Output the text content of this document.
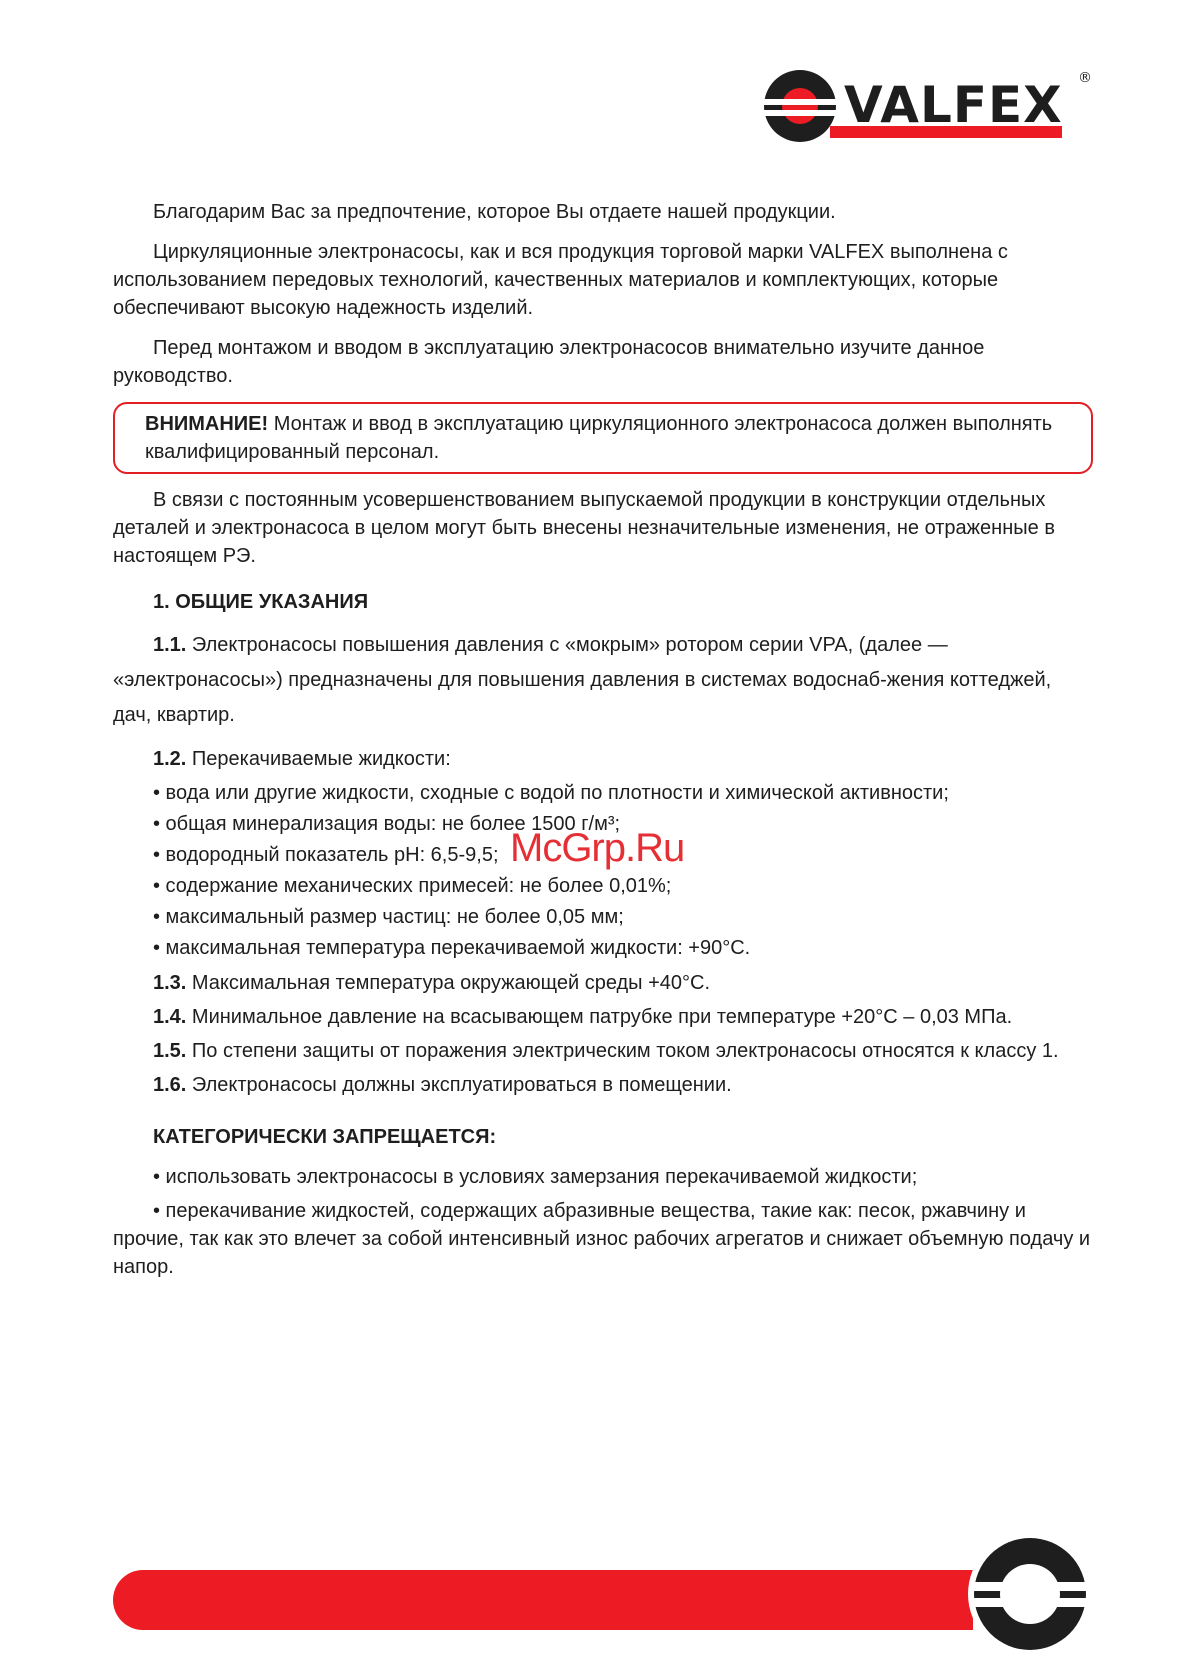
VALFEX ®

Благодарим Вас за предпочтение, которое Вы отдаете нашей продукции.

Циркуляционные электронасосы, как и вся продукция торговой марки VALFEX выполнена с использованием передовых технологий, качественных материалов и комплектующих, которые обеспечивают высокую надежность изделий.

Перед монтажом и вводом в эксплуатацию электронасосов внимательно изучите данное руководство.

ВНИМАНИЕ! Монтаж и ввод в эксплуатацию циркуляционного электронасоса должен выполнять квалифицированный персонал.

В связи с постоянным усовершенствованием выпускаемой продукции в конструкции отдельных деталей и электронасоса в целом могут быть внесены незначительные изменения, не отраженные в настоящем РЭ.

1. ОБЩИЕ УКАЗАНИЯ

1.1. Электронасосы повышения давления с «мокрым» ротором серии VPA, (далее — «электронасосы») предназначены для повышения давления в системах водоснаб-жения коттеджей, дач, квартир.

1.2. Перекачиваемые жидкости:

• вода или другие жидкости, сходные с водой по плотности и химической активности;
• общая минерализация воды: не более 1500 г/м³;
• водородный показатель pH: 6,5-9,5;
• содержание механических примесей: не более 0,01%;
• максимальный размер частиц: не более 0,05 мм;
• максимальная температура перекачиваемой жидкости: +90°C.

1.3. Максимальная температура окружающей среды +40°C.

1.4. Минимальное давление на всасывающем патрубке при температуре +20°C – 0,03 МПа.

1.5. По степени защиты от поражения электрическим током электронасосы относятся к классу 1.

1.6. Электронасосы должны эксплуатироваться в помещении.

КАТЕГОРИЧЕСКИ ЗАПРЕЩАЕТСЯ:
• использовать электронасосы в условиях замерзания перекачиваемой жидкости;
• перекачивание жидкостей, содержащих абразивные вещества, такие как: песок, ржавчину и прочие, так как это влечет за собой интенсивный износ рабочих агрегатов и снижает объемную подачу и напор.
McGrp.Ru
